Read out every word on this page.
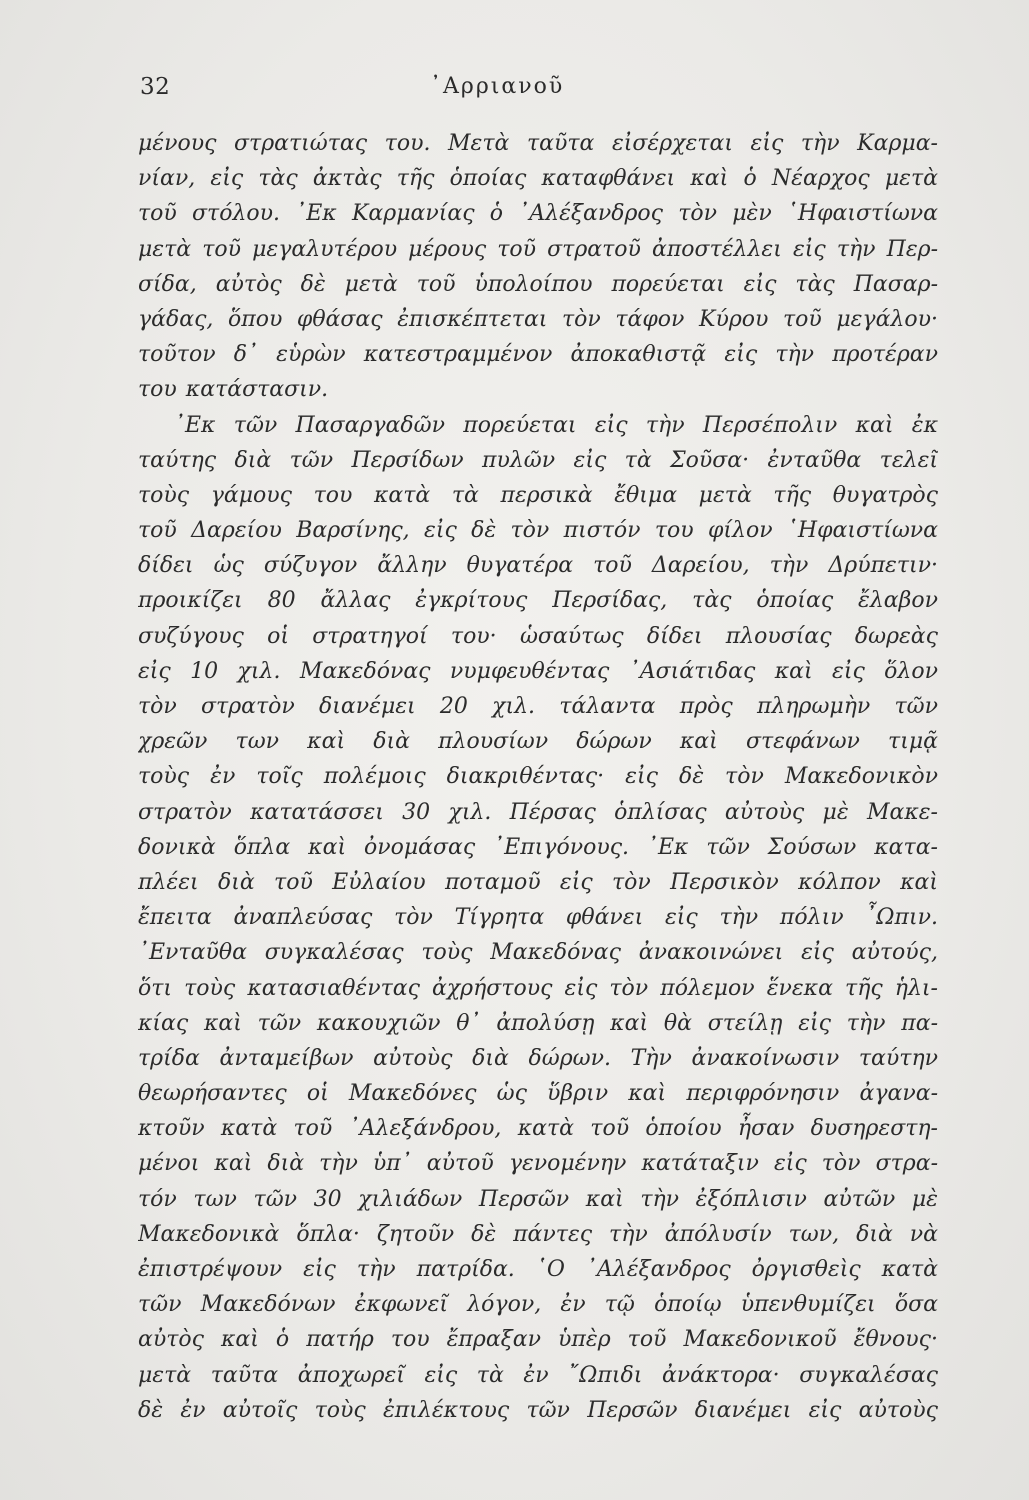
32	᾿Αρριανοῦ
μένους στρατιώτας του. Μετὰ ταῦτα εἰσέρχεται εἰς τὴν Καρμα-
νίαν, εἰς τὰς ἀκτὰς τῆς ὁποίας καταφθάνει καὶ ὁ Νέαρχος μετὰ
τοῦ στόλου. ᾿Εκ Καρμανίας ὁ ᾿Αλέξανδρος τὸν μὲν ῾Ηφαιστίωνα
μετὰ τοῦ μεγαλυτέρου μέρους τοῦ στρατοῦ ἀποστέλλει εἰς τὴν Περ-
σίδα, αὐτὸς δὲ μετὰ τοῦ ὑπολοίπου πορεύεται εἰς τὰς Πασαρ-
γάδας, ὅπου φθάσας ἐπισκέπτεται τὸν τάφον Κύρου τοῦ μεγάλου·
τοῦτον δ᾿ εὑρὼν κατεστραμμένον ἀποκαθιστᾷ εἰς τὴν προτέραν
του κατάστασιν.
᾿Εκ τῶν Πασαργαδῶν πορεύεται εἰς τὴν Περσέπολιν καὶ ἐκ
ταύτης διὰ τῶν Περσίδων πυλῶν εἰς τὰ Σοῦσα· ἐνταῦθα τελεῖ
τοὺς γάμους του κατὰ τὰ περσικὰ ἔθιμα μετὰ τῆς θυγατρὸς
τοῦ Δαρείου Βαρσίνης, εἰς δὲ τὸν πιστόν του φίλον ῾Ηφαιστίωνα
δίδει ὡς σύζυγον ἄλλην θυγατέρα τοῦ Δαρείου, τὴν Δρύπετιν·
προικίζει 80 ἄλλας ἐγκρίτους Περσίδας, τὰς ὁποίας ἔλαβον
συζύγους οἱ στρατηγοί του· ὡσαύτως δίδει πλουσίας δωρεὰς
εἰς 10 χιλ. Μακεδόνας νυμφευθέντας ᾿Ασιάτιδας καὶ εἰς ὅλον
τὸν στρατὸν διανέμει 20 χιλ. τάλαντα πρὸς πληρωμὴν τῶν
χρεῶν των καὶ διὰ πλουσίων δώρων καὶ στεφάνων τιμᾷ
τοὺς ἐν τοῖς πολέμοις διακριθέντας· εἰς δὲ τὸν Μακεδονικὸν
στρατὸν κατατάσσει 30 χιλ. Πέρσας ὁπλίσας αὐτοὺς μὲ Μακε-
δονικὰ ὅπλα καὶ ὀνομάσας ᾿Επιγόνους. ᾿Εκ τῶν Σούσων κατα-
πλέει διὰ τοῦ Εὐλαίου ποταμοῦ εἰς τὸν Περσικὸν κόλπον καὶ
ἔπειτα ἀναπλεύσας τὸν Τίγρητα φθάνει εἰς τὴν πόλιν ῏Ωπιν.
᾿Ενταῦθα συγκαλέσας τοὺς Μακεδόνας ἀνακοινώνει εἰς αὐτούς,
ὅτι τοὺς κατασιαθέντας ἀχρήστους εἰς τὸν πόλεμον ἕνεκα τῆς ἡλι-
κίας καὶ τῶν κακουχιῶν θ᾿ ἀπολύσῃ καὶ θὰ στείλῃ εἰς τὴν πα-
τρίδα ἀνταμείβων αὐτοὺς διὰ δώρων. Τὴν ἀνακοίνωσιν ταύτην
θεωρήσαντες οἱ Μακεδόνες ὡς ὕβριν καὶ περιφρόνησιν ἀγανα-
κτοῦν κατὰ τοῦ ᾿Αλεξάνδρου, κατὰ τοῦ ὁποίου ἦσαν δυσηρεστη-
μένοι καὶ διὰ τὴν ὑπ᾿ αὐτοῦ γενομένην κατάταξιν εἰς τὸν στρα-
τόν των τῶν 30 χιλιάδων Περσῶν καὶ τὴν ἐξόπλισιν αὐτῶν μὲ
Μακεδονικὰ ὅπλα· ζητοῦν δὲ πάντες τὴν ἀπόλυσίν των, διὰ νὰ
ἐπιστρέψουν εἰς τὴν πατρίδα. ῾Ο ᾿Αλέξανδρος ὀργισθεὶς κατὰ
τῶν Μακεδόνων ἐκφωνεῖ λόγον, ἐν τῷ ὁποίῳ ὑπενθυμίζει ὅσα
αὐτὸς καὶ ὁ πατήρ του ἔπραξαν ὑπὲρ τοῦ Μακεδονικοῦ ἔθνους·
μετὰ ταῦτα ἀποχωρεῖ εἰς τὰ ἐν ῎Ωπιδι ἀνάκτορα· συγκαλέσας
δὲ ἐν αὐτοῖς τοὺς ἐπιλέκτους τῶν Περσῶν διανέμει εἰς αὐτοὺς
